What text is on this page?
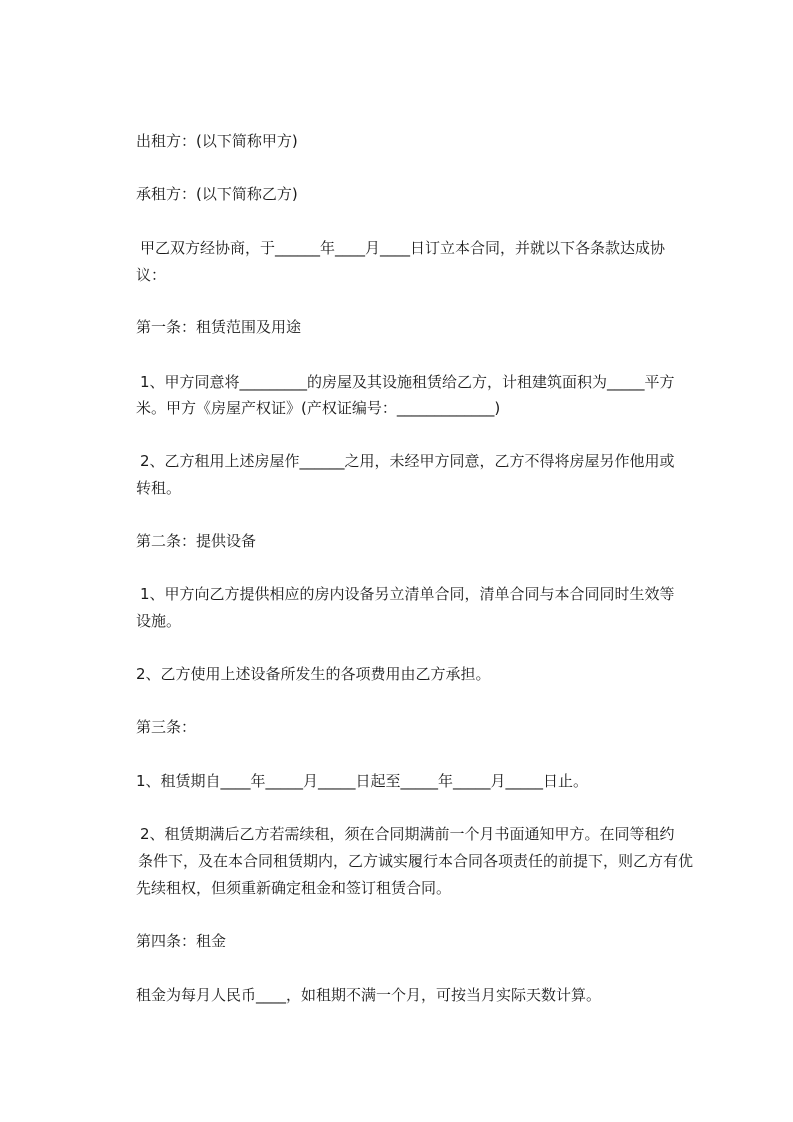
出租方：(以下简称甲方)
承租方：(以下简称乙方)
甲乙双方经协商，于______年____月____日订立本合同，并就以下各条款达成协
议：
第一条：租赁范围及用途
1、甲方同意将_________的房屋及其设施租赁给乙方，计租建筑面积为_____平方
米。甲方《房屋产权证》(产权证编号：_____________)
2、乙方租用上述房屋作______之用，未经甲方同意，乙方不得将房屋另作他用或
转租。
第二条：提供设备
1、甲方向乙方提供相应的房内设备另立清单合同，清单合同与本合同同时生效等
设施。
2、乙方使用上述设备所发生的各项费用由乙方承担。
第三条：
1、租赁期自____年_____月_____日起至_____年_____月_____日止。
2、租赁期满后乙方若需续租，须在合同期满前一个月书面通知甲方。在同等租约
条件下，及在本合同租赁期内，乙方诚实履行本合同各项责任的前提下，则乙方有优
先续租权，但须重新确定租金和签订租赁合同。
第四条：租金
租金为每月人民币____，如租期不满一个月，可按当月实际天数计算。
